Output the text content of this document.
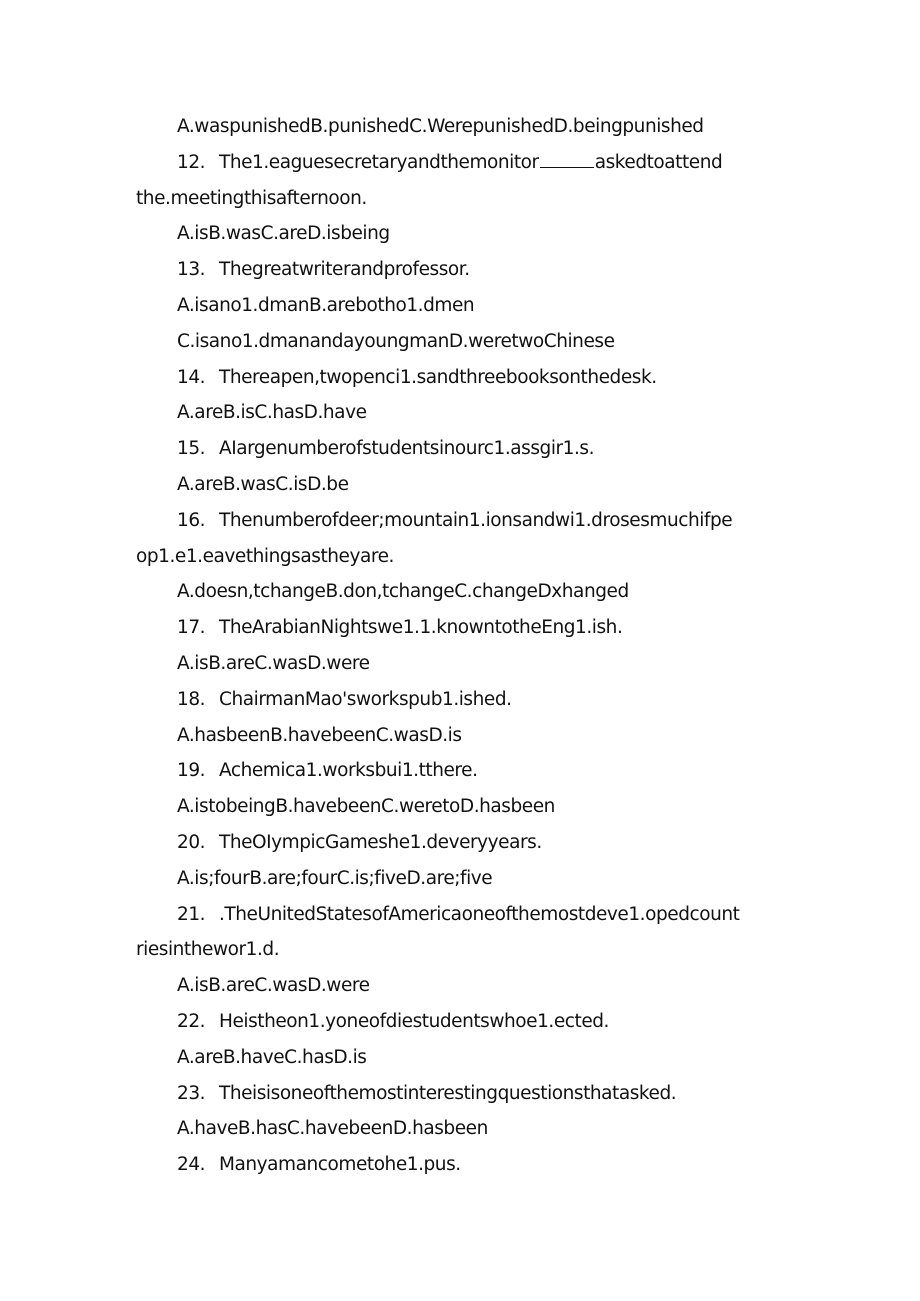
A.waspunishedB.punishedC.WerepunishedD.beingpunished
12. The1.eaguesecretaryandthemonitor	askedtoattend
the.meetingthisafternoon.
A.isB.wasC.areD.isbeing
13. Thegreatwriterandprofessor.
A.isano1.dmanB.arebotho1.dmen
C.isano1.dmanandayoungmanD.weretwoChinese
14. Thereapen,twopenci1.sandthreebooksonthedesk.
A.areB.isC.hasD.have
15. AIargenumberofstudentsinourc1.assgir1.s.
A.areB.wasC.isD.be
16. Thenumberofdeer;mountain1.ionsandwi1.drosesmuchifpe
op1.e1.eavethingsastheyare.
A.doesn,tchangeB.don,tchangeC.changeDxhanged
17. TheArabianNightswe1.1.knowntotheEng1.ish.
A.isB.areC.wasD.were
18. ChairmanMao'sworkspub1.ished.
A.hasbeenB.havebeenC.wasD.is
19. Achemica1.worksbui1.tthere.
A.istobeingB.havebeenC.weretoD.hasbeen
20. TheOIympicGameshe1.deveryyears.
A.is;fourB.are;fourC.is;fiveD.are;five
21. .TheUnitedStatesofAmericaoneofthemostdeve1.opedcount
riesinthewor1.d.
A.isB.areC.wasD.were
22. Heistheon1.yoneofdiestudentswhoe1.ected.
A.areB.haveC.hasD.is
23. Theisisoneofthemostinterestingquestionsthatasked.
A.haveB.hasC.havebeenD.hasbeen
24. Manyamancometohe1.pus.
